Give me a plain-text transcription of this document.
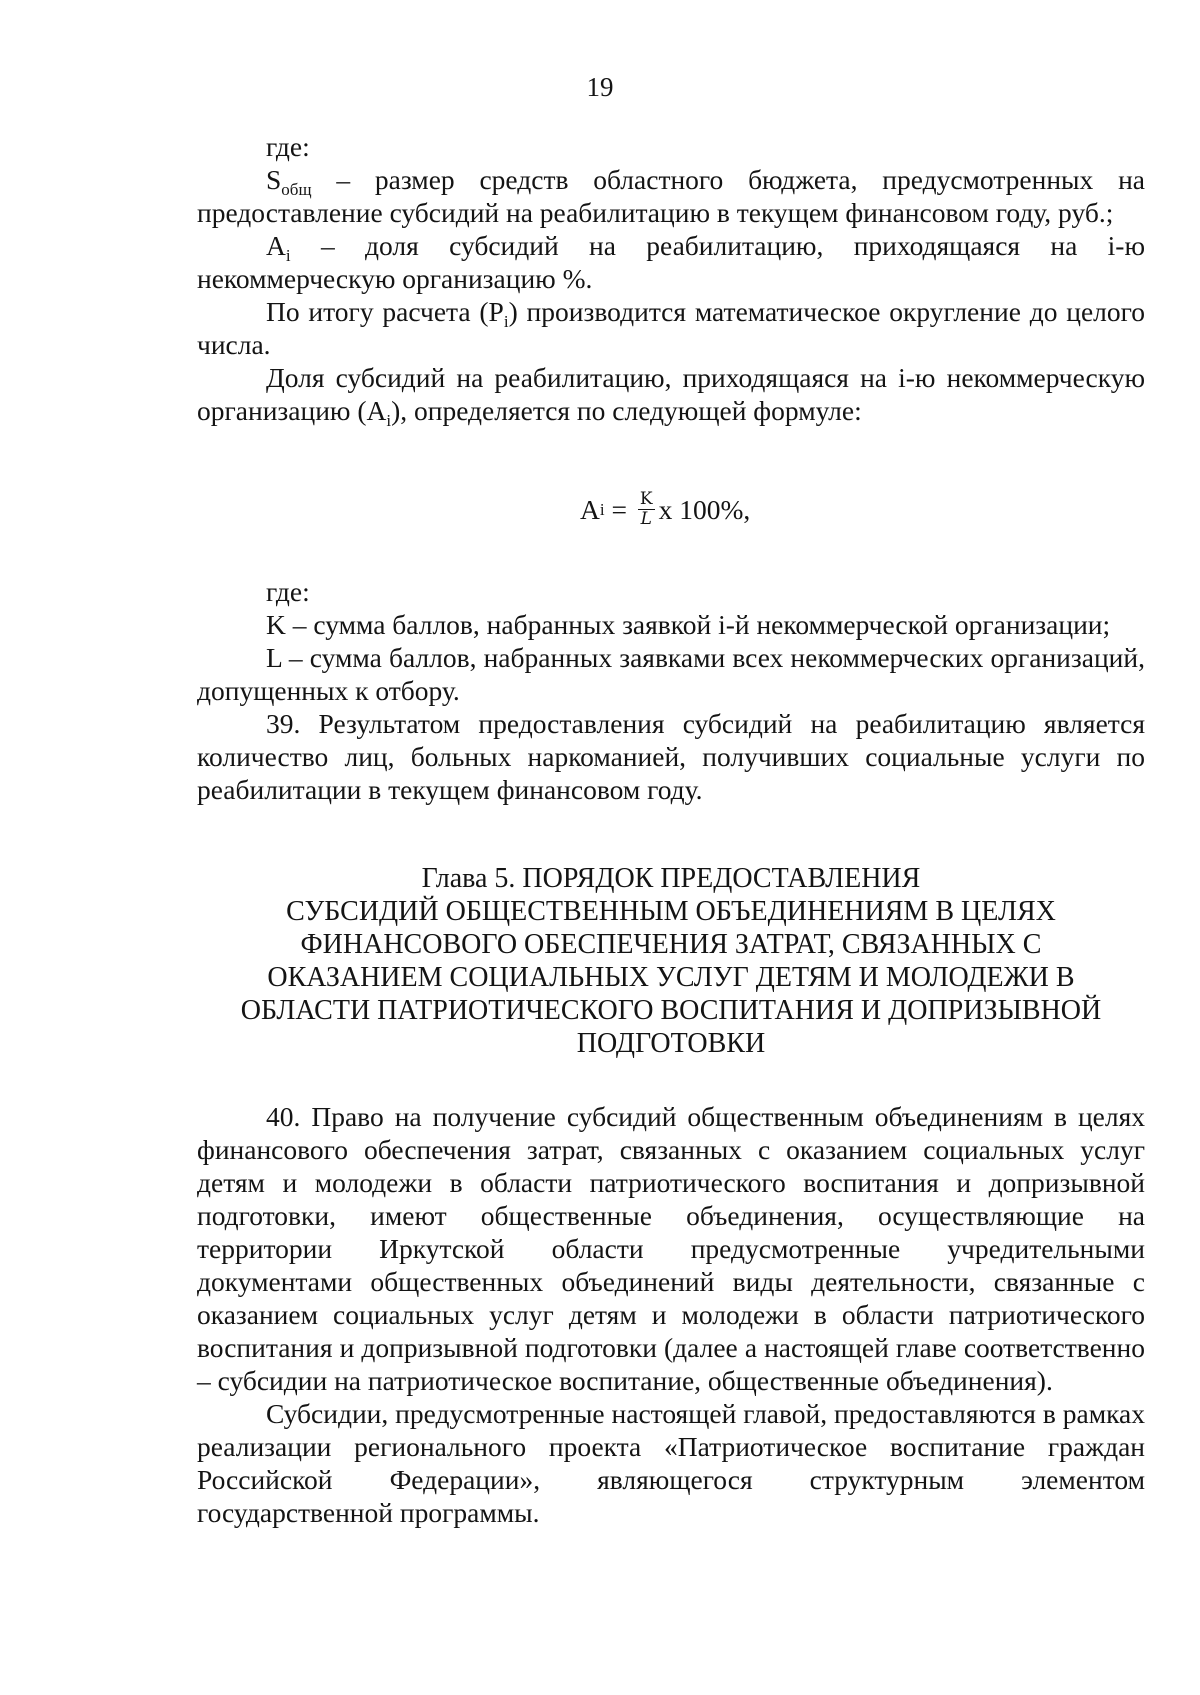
19

где:

$S_{общ}$ – размер средств областного бюджета, предусмотренных на предоставление субсидий на реабилитацию в текущем финансовом году, руб.;

$A_i$ – доля субсидий на реабилитацию, приходящаяся на i-ю некоммерческую организацию %.

По итогу расчета $(P_i)$ производится математическое округление до целого числа.

Доля субсидий на реабилитацию, приходящаяся на i-ю некоммерческую организацию $(A_i)$, определяется по следующей формуле:

A $i = \frac{K}{L}$ x 100%,

где:

K – сумма баллов, набранных заявкой i-й некоммерческой организации;

L – сумма баллов, набранных заявками всех некоммерческих организаций, допущенных к отбору.

39. Результатом предоставления субсидий на реабилитацию является количество лиц, больных наркоманией, получивших социальные услуги по реабилитации в текущем финансовом году.

Глава 5. ПОРЯДОК ПРЕДОСТАВЛЕНИЯ
СУБСИДИЙ ОБЩЕСТВЕННЫМ ОБЪЕДИНЕНИЯМ В ЦЕЛЯХ
ФИНАНСОВОГО ОБЕСПЕЧЕНИЯ ЗАТРАТ, СВЯЗАННЫХ С
ОКАЗАНИЕМ СОЦИАЛЬНЫХ УСЛУГ ДЕТЯМ И МОЛОДЕЖИ В
ОБЛАСТИ ПАТРИОТИЧЕСКОГО ВОСПИТАНИЯ И ДОПРИЗЫВНОЙ
ПОДГОТОВКИ

40. Право на получение субсидий общественным объединениям в целях финансового обеспечения затрат, связанных с оказанием социальных услуг детям и молодежи в области патриотического воспитания и допризывной подготовки, имеют общественные объединения, осуществляющие на территории Иркутской области предусмотренные учредительными документами общественных объединений виды деятельности, связанные с оказанием социальных услуг детям и молодежи в области патриотического воспитания и допризывной подготовки (далее а настоящей главе соответственно – субсидии на патриотическое воспитание, общественные объединения).

Субсидии, предусмотренные настоящей главой, предоставляются в рамках реализации регионального проекта «Патриотическое воспитание граждан Российской Федерации», являющегося структурным элементом государственной программы.
